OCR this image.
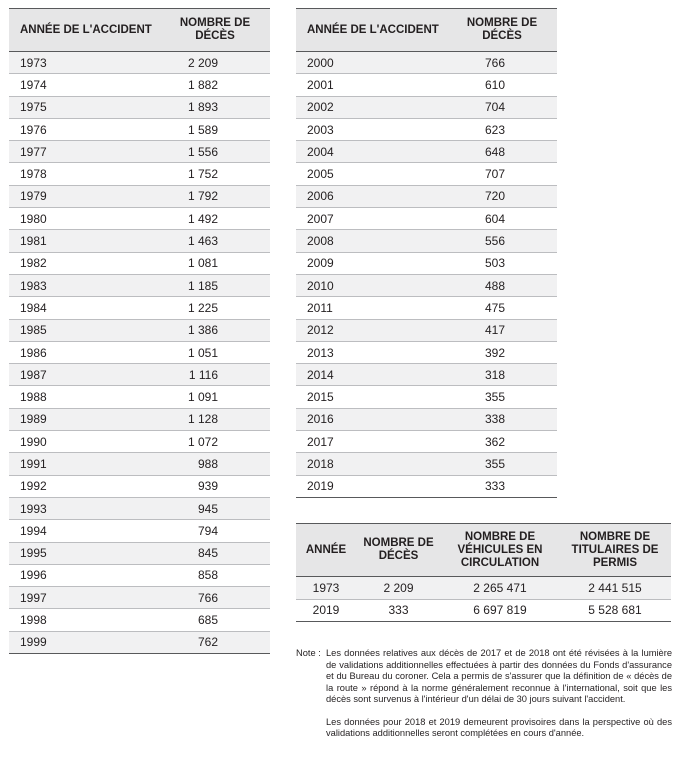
ANNÉE DE L'ACCIDENT	NOMBRE DE DÉCÈS
1973	2 209
1974	1 882
1975	1 893
1976	1 589
1977	1 556
1978	1 752
1979	1 792
1980	1 492
1981	1 463
1982	1 081
1983	1 185
1984	1 225
1985	1 386
1986	1 051
1987	1 116
1988	1 091
1989	1 128
1990	1 072
1991	988
1992	939
1993	945
1994	794
1995	845
1996	858
1997	766
1998	685
1999	762
ANNÉE DE L'ACCIDENT	NOMBRE DE DÉCÈS
2000	766
2001	610
2002	704
2003	623
2004	648
2005	707
2006	720
2007	604
2008	556
2009	503
2010	488
2011	475
2012	417
2013	392
2014	318
2015	355
2016	338
2017	362
2018	355
2019	333
ANNÉE	NOMBRE DE DÉCÈS	NOMBRE DE VÉHICULES EN CIRCULATION	NOMBRE DE TITULAIRES DE PERMIS
1973	2 209	2 265 471	2 441 515
2019	333	6 697 819	5 528 681
Note : Les données relatives aux décès de 2017 et de 2018 ont été révisées à la lumière de validations additionnelles effectuées à partir des données du Fonds d'assurance et du Bureau du coroner. Cela a permis de s'assurer que la définition de « décès de la route » répond à la norme généralement reconnue à l'international, soit que les décès sont survenus à l'intérieur d'un délai de 30 jours suivant l'accident.
Les données pour 2018 et 2019 demeurent provisoires dans la perspective où des validations additionnelles seront complétées en cours d'année.
